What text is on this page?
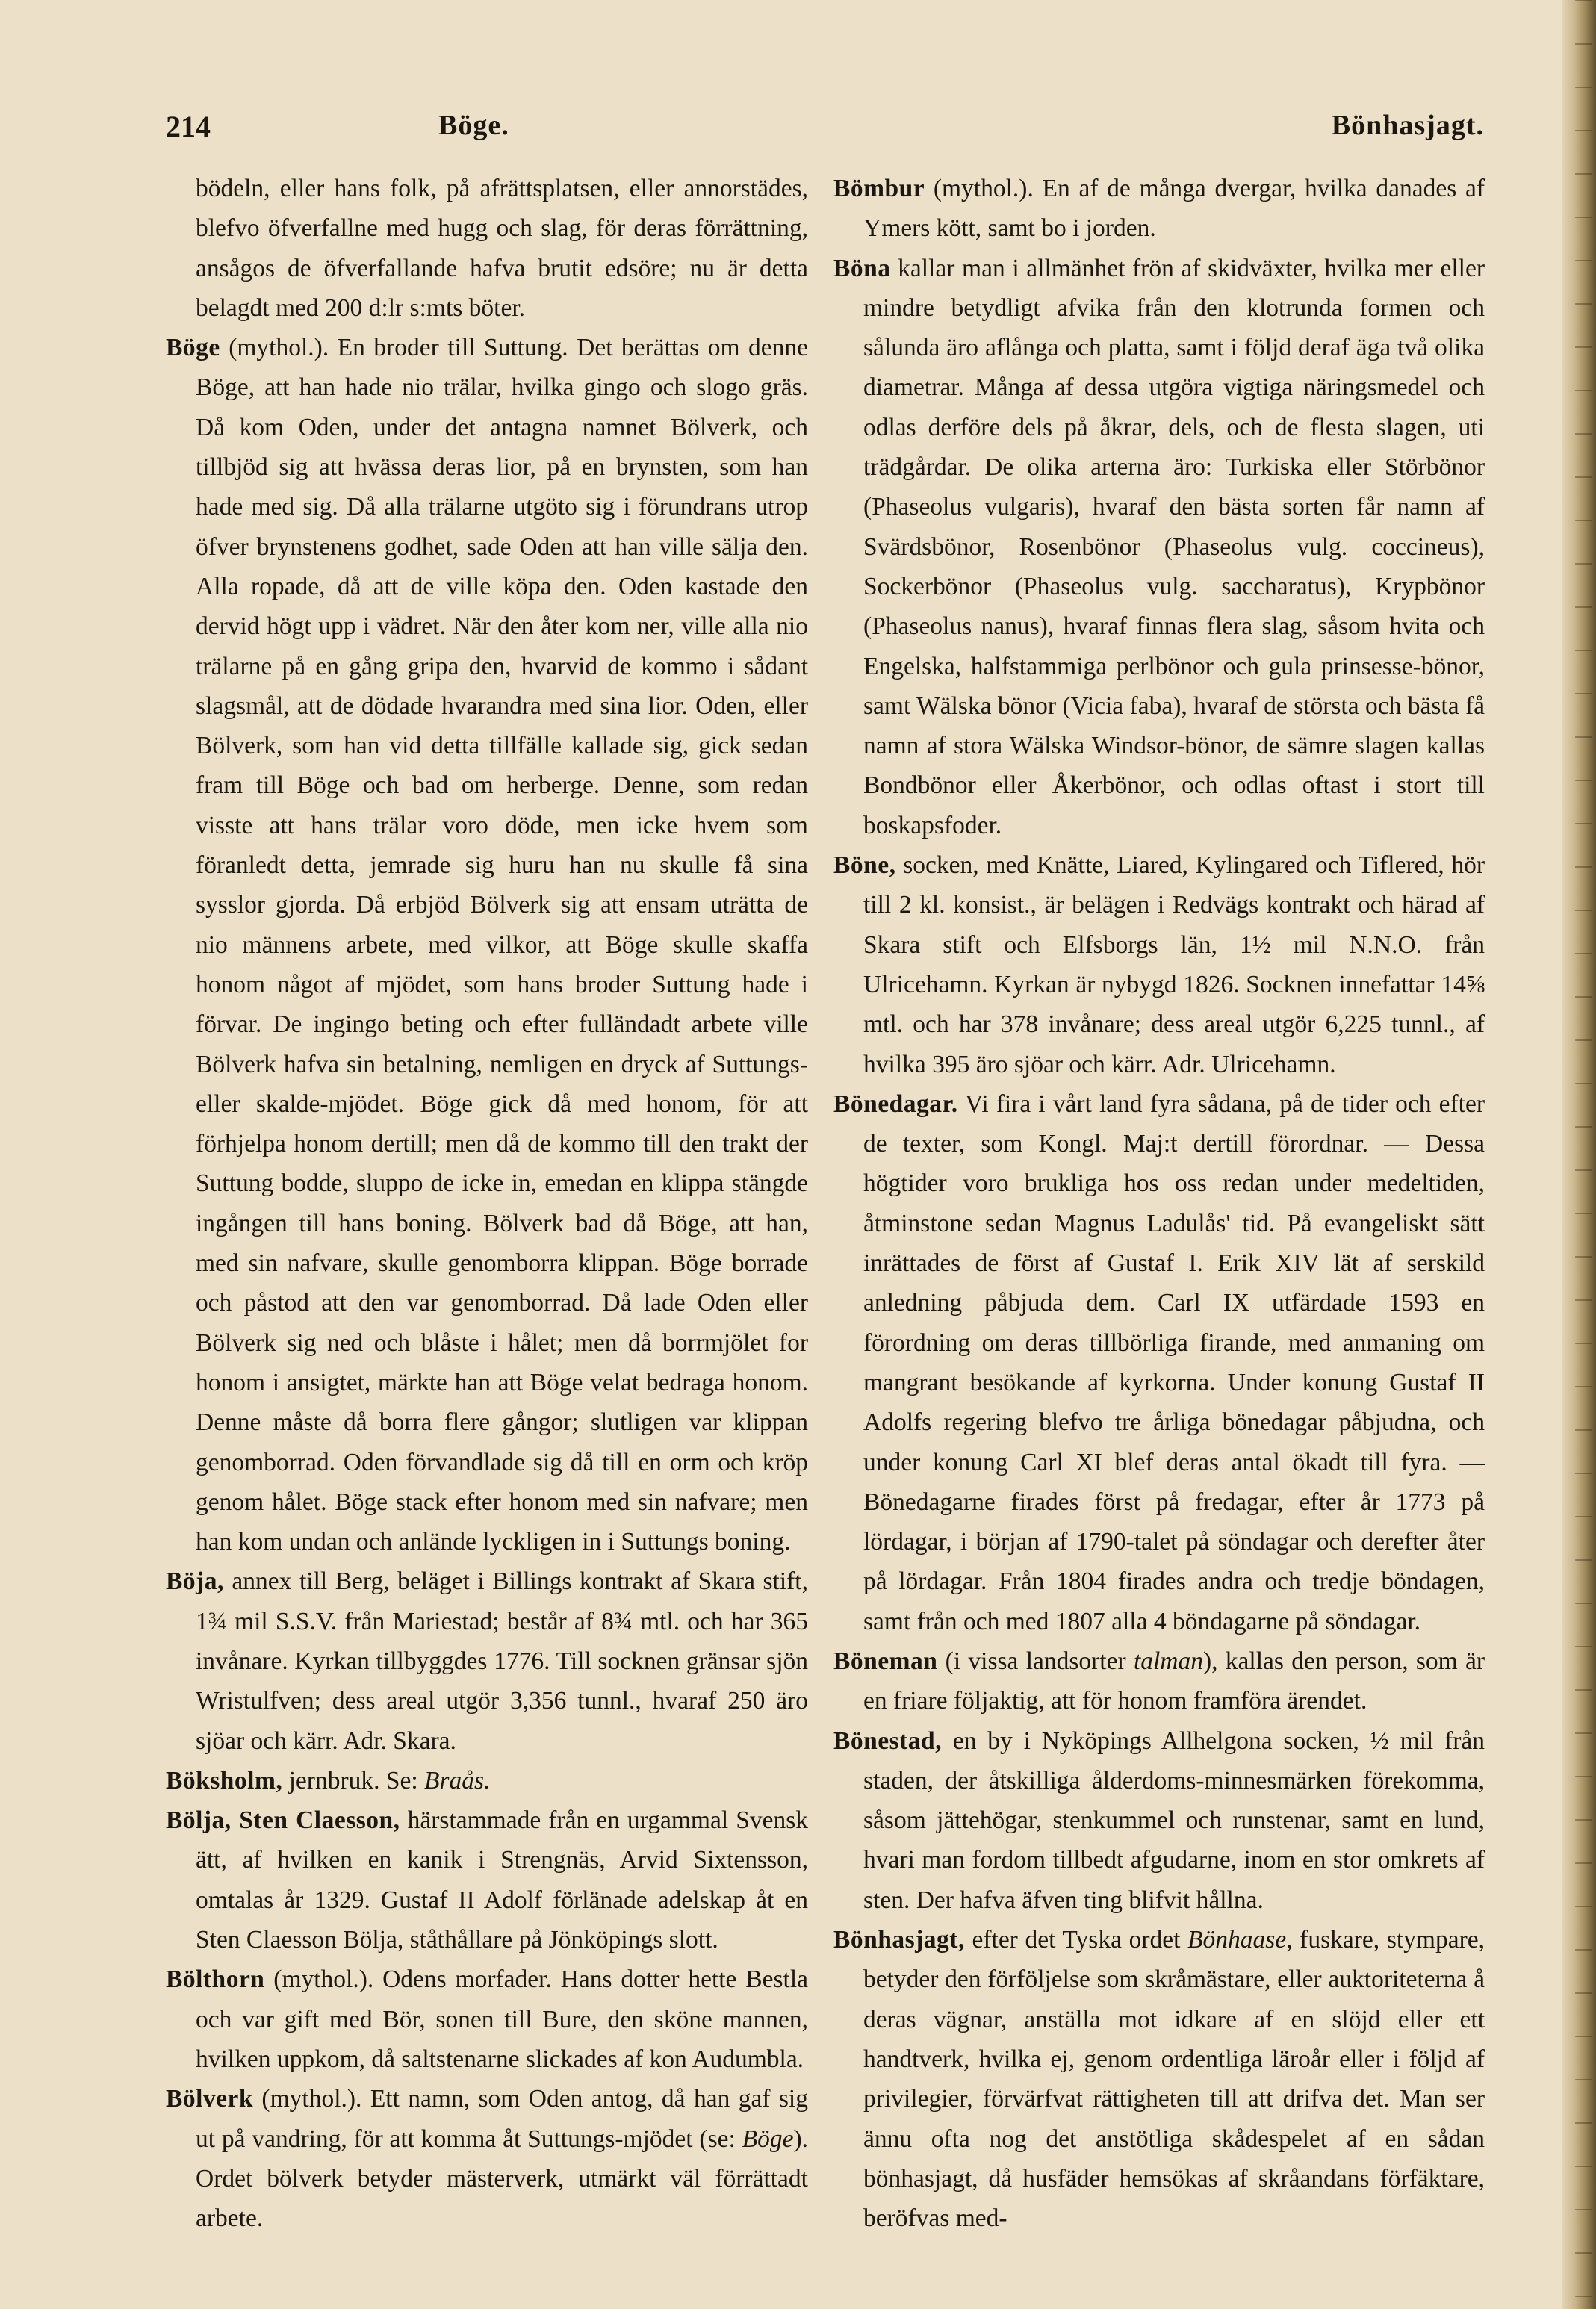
214	Böge.	Bönhasjagt.

bödeln, eller hans folk, på afrättsplatsen, eller annorstädes, blefvo öfverfallne med hugg och slag, för deras förrättning, ansågos de öfverfallande hafva brutit edsöre; nu är detta belagdt med 200 d:lr s:mts böter.

Böge (mythol.). En broder till Suttung. Det berättas om denne Böge, att han hade nio trälar, hvilka gingo och slogo gräs. Då kom Oden, under det antagna namnet Bölverk, och tillbjöd sig att hvässa deras lior, på en brynsten, som han hade med sig. Då alla trälarne utgöto sig i förundrans utrop öfver brynstenens godhet, sade Oden att han ville sälja den. Alla ropade, då att de ville köpa den. Oden kastade den dervid högt upp i vädret. När den åter kom ner, ville alla nio trälarne på en gång gripa den, hvarvid de kommo i sådant slagsmål, att de dödade hvarandra med sina lior. Oden, eller Bölverk, som han vid detta tillfälle kallade sig, gick sedan fram till Böge och bad om herberge. Denne, som redan visste att hans trälar voro döde, men icke hvem som föranledt detta, jemrade sig huru han nu skulle få sina sysslor gjorda. Då erbjöd Bölverk sig att ensam uträtta de nio männens arbete, med vilkor, att Böge skulle skaffa honom något af mjödet, som hans broder Suttung hade i förvar. De ingingo beting och efter fulländadt arbete ville Bölverk hafva sin betalning, nemligen en dryck af Suttungs- eller skalde-mjödet. Böge gick då med honom, för att förhjelpa honom dertill; men då de kommo till den trakt der Suttung bodde, sluppo de icke in, emedan en klippa stängde ingången till hans boning. Bölverk bad då Böge, att han, med sin nafvare, skulle genomborra klippan. Böge borrade och påstod att den var genomborrad. Då lade Oden eller Bölverk sig ned och blåste i hålet; men då borrmjölet for honom i ansigtet, märkte han att Böge velat bedraga honom. Denne måste då borra flere gångor; slutligen var klippan genomborrad. Oden förvandlade sig då till en orm och kröp genom hålet. Böge stack efter honom med sin nafvare; men han kom undan och anlände lyckligen in i Suttungs boning.

Böja, annex till Berg, beläget i Billings kontrakt af Skara stift, 1¾ mil S.S.V. från Mariestad; består af 8¾ mtl. och har 365 invånare. Kyrkan tillbyggdes 1776. Till socknen gränsar sjön Wristulfven; dess areal utgör 3,356 tunnl., hvaraf 250 äro sjöar och kärr. Adr. Skara.

Böksholm, jernbruk. Se: Braås.

Bölja, Sten Claesson, härstammade från en urgammal Svensk ätt, af hvilken en kanik i Strengnäs, Arvid Sixtensson, omtalas år 1329. Gustaf II Adolf förlänade adelskap åt en Sten Claesson Bölja, ståthållare på Jönköpings slott.

Bölthorn (mythol.). Odens morfader. Hans dotter hette Bestla och var gift med Bör, sonen till Bure, den sköne mannen, hvilken uppkom, då saltstenarne slickades af kon Audumbla.

Bölverk (mythol.). Ett namn, som Oden antog, då han gaf sig ut på vandring, för att komma åt Suttungs-mjödet (se: Böge). Ordet bölverk betyder mästerverk, utmärkt väl förrättadt arbete.

Bömbur (mythol.). En af de många dvergar, hvilka danades af Ymers kött, samt bo i jorden.

Böna kallar man i allmänhet frön af skidväxter, hvilka mer eller mindre betydligt afvika från den klotrunda formen och sålunda äro aflånga och platta, samt i följd deraf äga två olika diametrar. Många af dessa utgöra vigtiga näringsmedel och odlas derföre dels på åkrar, dels, och de flesta slagen, uti trädgårdar. De olika arterna äro: Turkiska eller Störbönor (Phaseolus vulgaris), hvaraf den bästa sorten får namn af Svärdsbönor, Rosenbönor (Phaseolus vulg. coccineus), Sockerbönor (Phaseolus vulg. saccharatus), Krypbönor (Phaseolus nanus), hvaraf finnas flera slag, såsom hvita och Engelska, halfstammiga perlbönor och gula prinsesse-bönor, samt Wälska bönor (Vicia faba), hvaraf de största och bästa få namn af stora Wälska Windsor-bönor, de sämre slagen kallas Bondbönor eller Åkerbönor, och odlas oftast i stort till boskapsfoder.

Böne, socken, med Knätte, Liared, Kylingared och Tiflered, hör till 2 kl. konsist., är belägen i Redvägs kontrakt och härad af Skara stift och Elfsborgs län, 1½ mil N.N.O. från Ulricehamn. Kyrkan är nybygd 1826. Socknen innefattar 14⅝ mtl. och har 378 invånare; dess areal utgör 6,225 tunnl., af hvilka 395 äro sjöar och kärr. Adr. Ulricehamn.

Bönedagar. Vi fira i vårt land fyra sådana, på de tider och efter de texter, som Kongl. Maj:t dertill förordnar. — Dessa högtider voro brukliga hos oss redan under medeltiden, åtminstone sedan Magnus Ladulås' tid. På evangeliskt sätt inrättades de först af Gustaf I. Erik XIV lät af serskild anledning påbjuda dem. Carl IX utfärdade 1593 en förordning om deras tillbörliga firande, med anmaning om mangrant besökande af kyrkorna. Under konung Gustaf II Adolfs regering blefvo tre årliga bönedagar påbjudna, och under konung Carl XI blef deras antal ökadt till fyra. — Bönedagarne firades först på fredagar, efter år 1773 på lördagar, i början af 1790-talet på söndagar och derefter åter på lördagar. Från 1804 firades andra och tredje böndagen, samt från och med 1807 alla 4 böndagarne på söndagar.

Böneman (i vissa landsorter talman), kallas den person, som är en friare följaktig, att för honom framföra ärendet.

Bönestad, en by i Nyköpings Allhelgona socken, ½ mil från staden, der åtskilliga ålderdoms-minnesmärken förekomma, såsom jättehögar, stenkummel och runstenar, samt en lund, hvari man fordom tillbedt afgudarne, inom en stor omkrets af sten. Der hafva äfven ting blifvit hållna.

Bönhasjagt, efter det Tyska ordet Bönhaase, fuskare, stympare, betyder den förföljelse som skråmästare, eller auktoriteterna å deras vägnar, anställa mot idkare af en slöjd eller ett handtverk, hvilka ej, genom ordentliga läroår eller i följd af privilegier, förvärfvat rättigheten till att drifva det. Man ser ännu ofta nog det anstötliga skådespelet af en sådan bönhasjagt, då husfäder hemsökas af skråandans förfäktare, beröfvas med-
